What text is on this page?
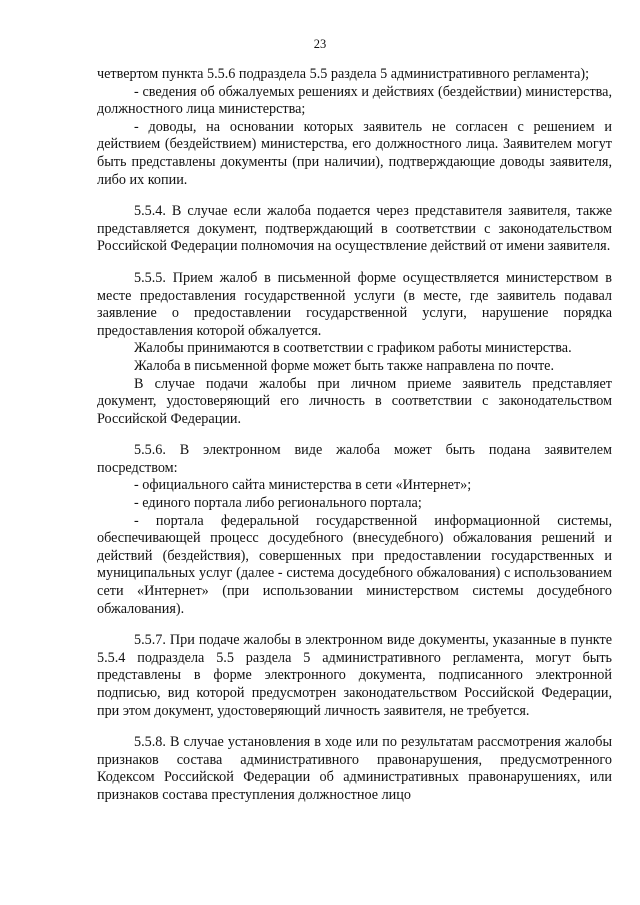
23

четвертом пункта 5.5.6 подраздела 5.5 раздела 5 административного регламента);

- сведения об обжалуемых решениях и действиях (бездействии) министерства, должностного лица министерства;

- доводы, на основании которых заявитель не согласен с решением и действием (бездействием) министерства, его должностного лица. Заявителем могут быть представлены документы (при наличии), подтверждающие доводы заявителя, либо их копии.

5.5.4. В случае если жалоба подается через представителя заявителя, также представляется документ, подтверждающий в соответствии с законодательством Российской Федерации полномочия на осуществление действий от имени заявителя.

5.5.5. Прием жалоб в письменной форме осуществляется министерством в месте предоставления государственной услуги (в месте, где заявитель подавал заявление о предоставлении государственной услуги, нарушение порядка предоставления которой обжалуется.

Жалобы принимаются в соответствии с графиком работы министерства.

Жалоба в письменной форме может быть также направлена по почте.

В случае подачи жалобы при личном приеме заявитель представляет документ, удостоверяющий его личность в соответствии с законодательством Российской Федерации.

5.5.6. В электронном виде жалоба может быть подана заявителем посредством:

- официального сайта министерства в сети «Интернет»;

- единого портала либо регионального портала;

- портала федеральной государственной информационной системы, обеспечивающей процесс досудебного (внесудебного) обжалования решений и действий (бездействия), совершенных при предоставлении государственных и муниципальных услуг (далее - система досудебного обжалования) с использованием сети «Интернет» (при использовании министерством системы досудебного обжалования).

5.5.7. При подаче жалобы в электронном виде документы, указанные в пункте 5.5.4 подраздела 5.5 раздела 5 административного регламента, могут быть представлены в форме электронного документа, подписанного электронной подписью, вид которой предусмотрен законодательством Российской Федерации, при этом документ, удостоверяющий личность заявителя, не требуется.

5.5.8. В случае установления в ходе или по результатам рассмотрения жалобы признаков состава административного правонарушения, предусмотренного Кодексом Российской Федерации об административных правонарушениях, или признаков состава преступления должностное лицо
